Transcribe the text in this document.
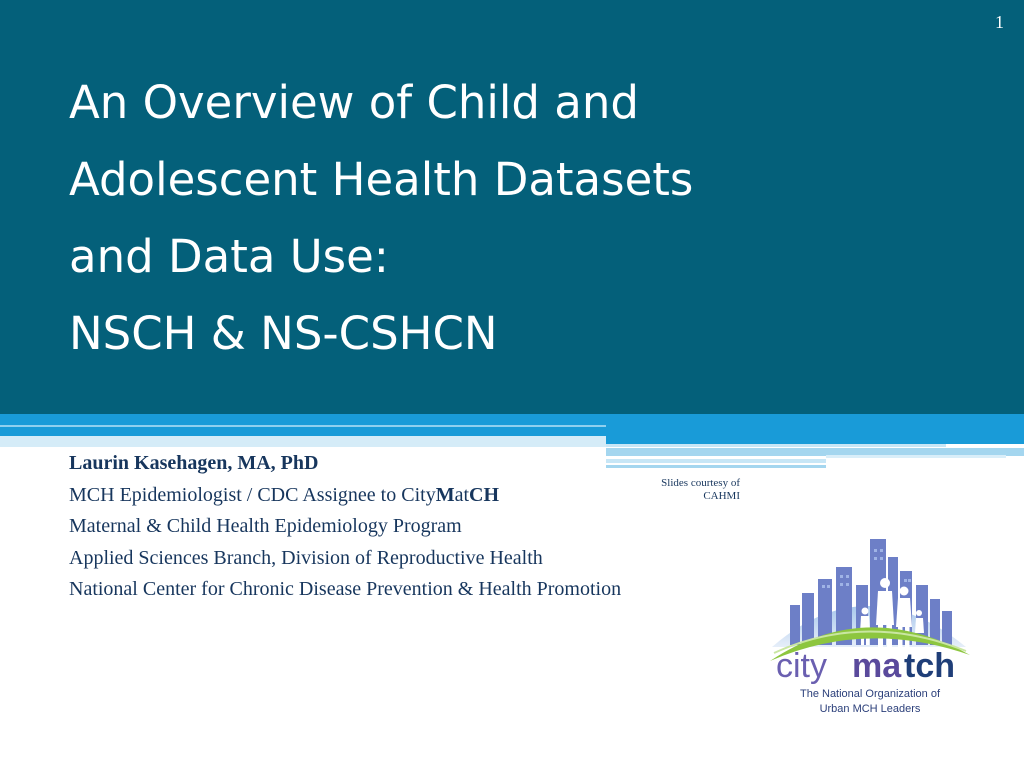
1
An Overview of Child and
Adolescent Health Datasets
and Data Use:
NSCH & NS-CSHCN
Laurin Kasehagen, MA, PhD
MCH Epidemiologist / CDC Assignee to CityMatCH
Maternal & Child Health Epidemiology Program
Applied Sciences Branch, Division of Reproductive Health
National Center for Chronic Disease Prevention & Health Promotion
Slides courtesy of
CAHMI
city ma tch
The National Organization of
Urban MCH Leaders
